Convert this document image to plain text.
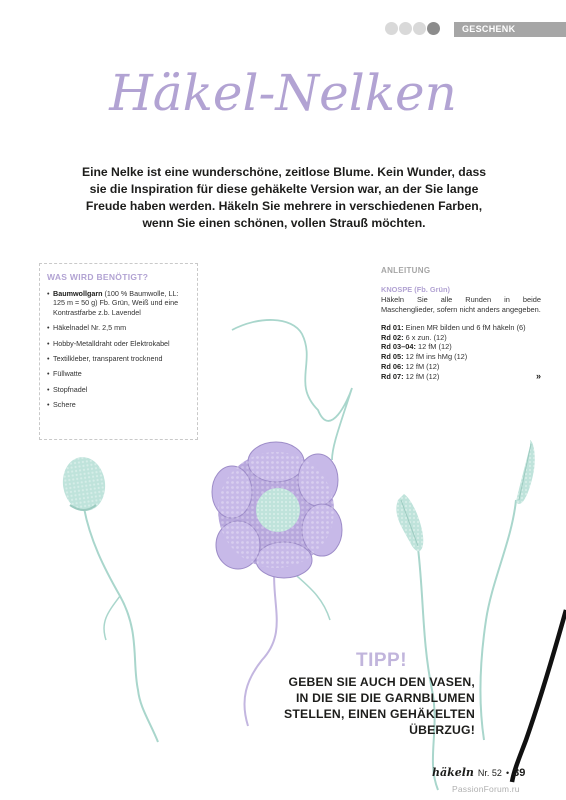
GESCHENK
Häkel-Nelken
Eine Nelke ist eine wunderschöne, zeitlose Blume. Kein Wunder, dass sie die Inspiration für diese gehäkelte Version war, an der Sie lange Freude haben werden. Häkeln Sie mehrere in verschiedenen Farben, wenn Sie einen schönen, vollen Strauß möchten.
WAS WIRD BENÖTIGT?
• Baumwollgarn (100 % Baumwolle, LL: 125 m = 50 g) Fb. Grün, Weiß und eine Kontrastfarbe z.b. Lavendel
• Häkelnadel Nr. 2,5 mm
• Hobby-Metalldraht oder Elektrokabel
• Textilkleber, transparent trocknend
• Füllwatte
• Stopfnadel
• Schere
ANLEITUNG
KNOSPE (Fb. Grün)
Häkeln Sie alle Runden in beide Maschenglieder, sofern nicht anders angegeben.
Rd 01: Einen MR bilden und 6 fM häkeln (6)
Rd 02: 6 x zun. (12)
Rd 03–04: 12 fM (12)
Rd 05: 12 fM ins hMg (12)
Rd 06: 12 fM (12)
Rd 07: 12 fM (12)	»
TIPP!
GEBEN SIE AUCH DEN VASEN,
IN DIE SIE DIE GARNBLUMEN
STELLEN, EINEN GEHÄKELTEN
ÜBERZUG!
häkeln Nr. 52 • 39
PassionForum.ru
